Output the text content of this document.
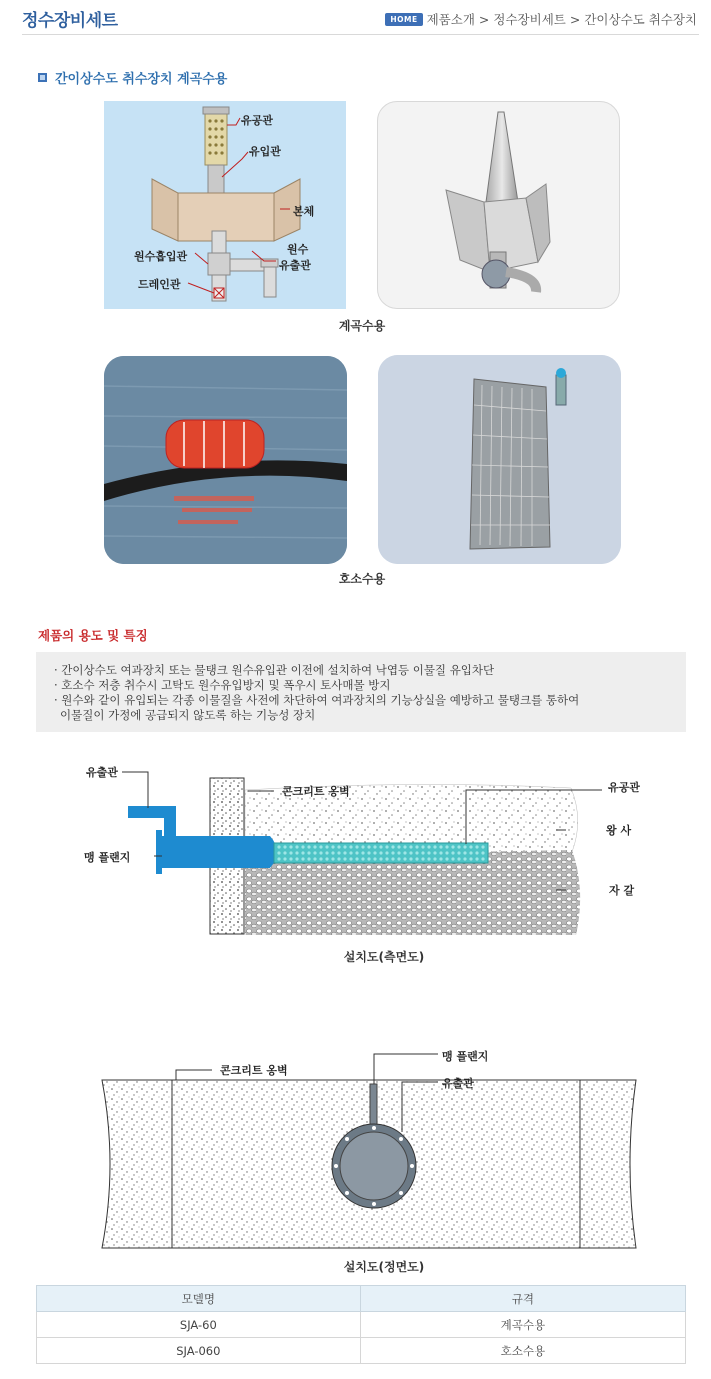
정수장비세트	HOME 제품소개 > 정수장비세트 > 간이상수도 취수장치
간이상수도 취수장치 계곡수용
유공관
유입관
본체
원수흡입관
원수
유출관
드레인관
계곡수용
호소수용
제품의 용도 및 특징
· 간이상수도 여과장치 또는 물탱크 원수유입관 이전에 설치하여 낙엽등 이물질 유입차단
· 호소수 저층 취수시 고탁도 원수유입방지 및 폭우시 토사매몰 방지
· 원수와 같이 유입되는 각종 이물질을 사전에 차단하여 여과장치의 기능상실을 예방하고 물탱크를 통하여
이물질이 가정에 공급되지 않도록 하는 기능성 장치
유출관
맹 플랜지
콘크리트 옹벽	유공관
왕 사
자 갈
설치도(측면도)
콘크리트 옹벽
맹 플랜지
유출관
설치도(정면도)
모델명	규격
SJA-60	계곡수용
SJA-060	호소수용
